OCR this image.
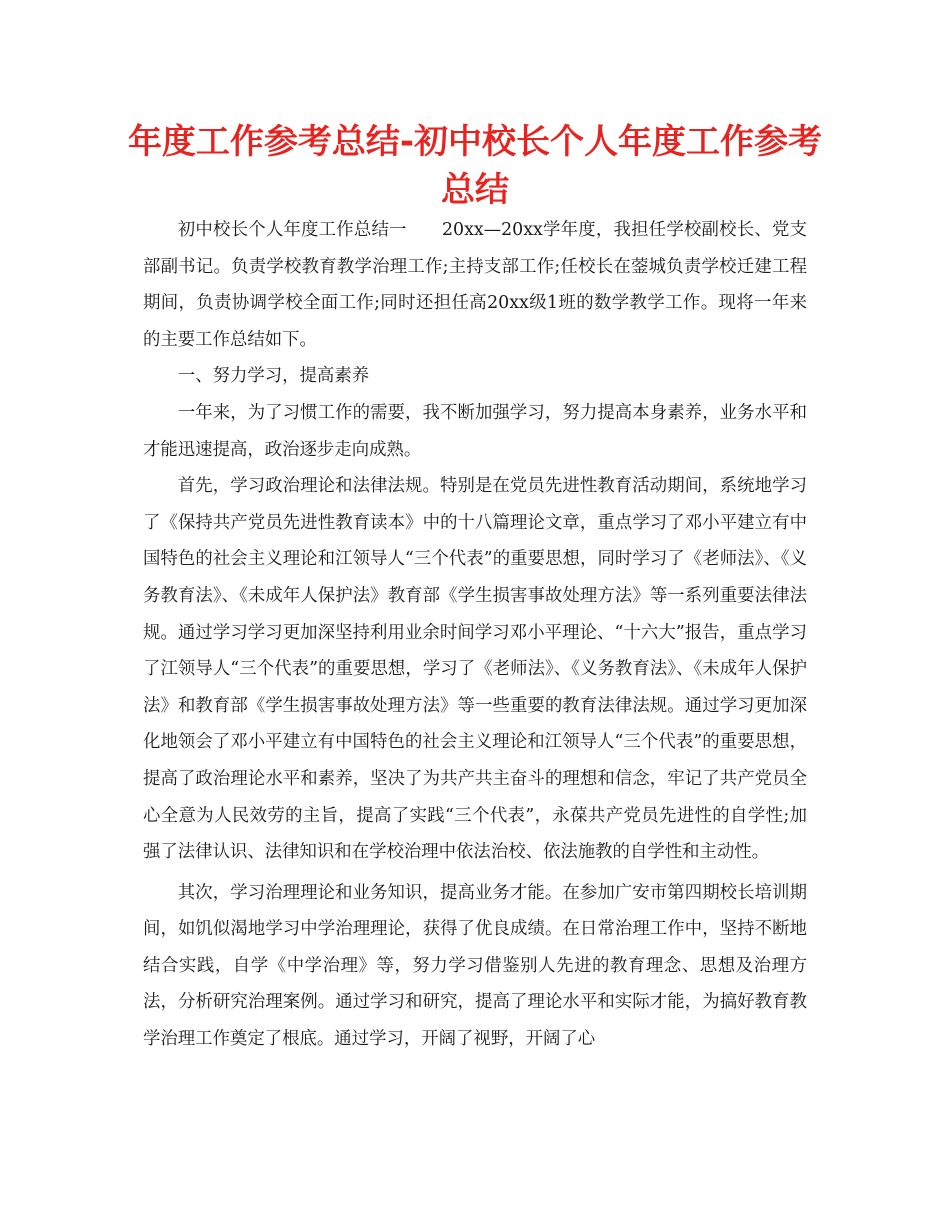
年度工作参考总结-初中校长个人年度工作参考总结

初中校长个人年度工作总结一　　20xx—20xx学年度，我担任学校副校长、党支部副书记。负责学校教育教学治理工作;主持支部工作;任校长在蓥城负责学校迁建工程期间，负责协调学校全面工作;同时还担任高20xx级1班的数学教学工作。现将一年来的主要工作总结如下。

一、努力学习，提高素养

一年来，为了习惯工作的需要，我不断加强学习，努力提高本身素养，业务水平和才能迅速提高，政治逐步走向成熟。

首先，学习政治理论和法律法规。特别是在党员先进性教育活动期间，系统地学习了《保持共产党员先进性教育读本》中的十八篇理论文章，重点学习了邓小平建立有中国特色的社会主义理论和江领导人“三个代表”的重要思想，同时学习了《老师法》、《义务教育法》、《未成年人保护法》教育部《学生损害事故处理方法》等一系列重要法律法规。通过学习学习更加深坚持利用业余时间学习邓小平理论、“十六大”报告，重点学习了江领导人“三个代表”的重要思想，学习了《老师法》、《义务教育法》、《未成年人保护法》和教育部《学生损害事故处理方法》等一些重要的教育法律法规。通过学习更加深化地领会了邓小平建立有中国特色的社会主义理论和江领导人“三个代表”的重要思想，提高了政治理论水平和素养，坚决了为共产共主奋斗的理想和信念，牢记了共产党员全心全意为人民效劳的主旨，提高了实践“三个代表”，永葆共产党员先进性的自学性;加强了法律认识、法律知识和在学校治理中依法治校、依法施教的自学性和主动性。

其次，学习治理理论和业务知识，提高业务才能。在参加广安市第四期校长培训期间，如饥似渴地学习中学治理理论，获得了优良成绩。在日常治理工作中，坚持不断地结合实践，自学《中学治理》等，努力学习借鉴别人先进的教育理念、思想及治理方法，分析研究治理案例。通过学习和研究，提高了理论水平和实际才能，为搞好教育教学治理工作奠定了根底。通过学习，开阔了视野，开阔了心
